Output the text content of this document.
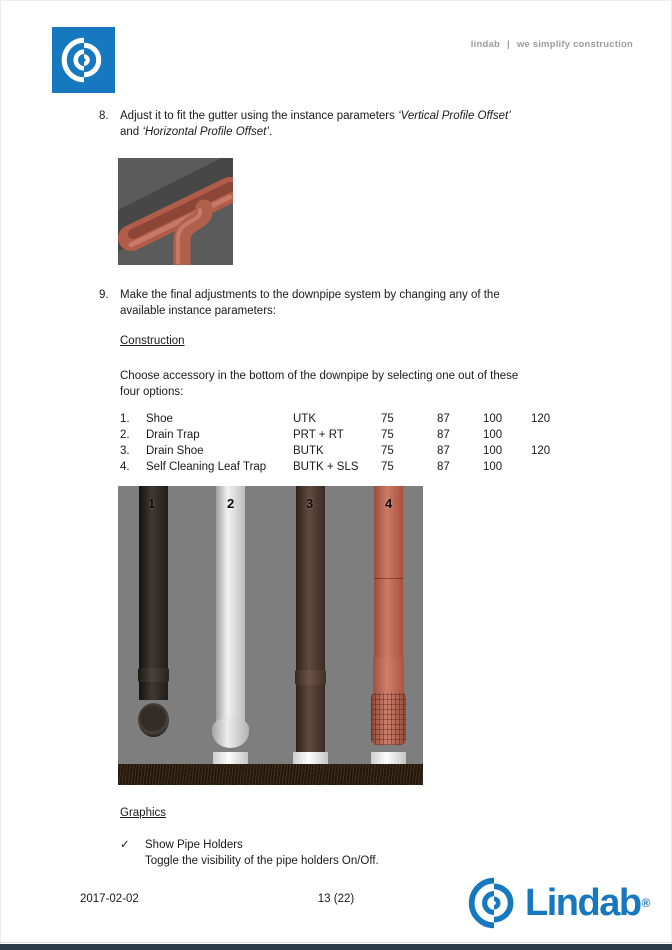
lindab | we simplify construction
8. Adjust it to fit the gutter using the instance parameters ‘Vertical Profile Offset’
and ‘Horizontal Profile Offset’.
9. Make the final adjustments to the downpipe system by changing any of the
available instance parameters:
Construction
Choose accessory in the bottom of the downpipe by selecting one out of these
four options:
1.	Shoe	UTK	75	87	100	120
2.	Drain Trap	PRT + RT	75	87	100
3.	Drain Shoe	BUTK	75	87	100	120
4.	Self Cleaning Leaf Trap	BUTK + SLS	75	87	100
1	2	3	4
Graphics
✓ Show Pipe Holders
Toggle the visibility of the pipe holders On/Off.
2017-02-02	13 (22)	Lindab ®
